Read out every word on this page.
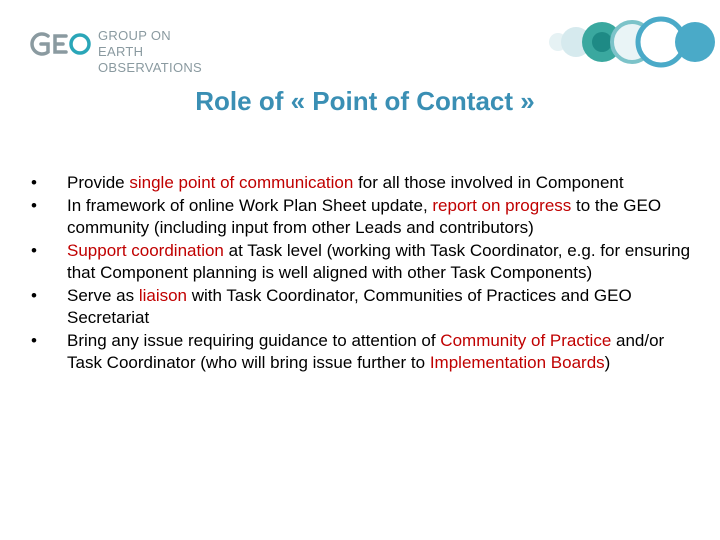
GROUP ON
EARTH OBSERVATIONS
Role of « Point of Contact »
• Provide single point of communication for all those involved in Component
• In framework of online Work Plan Sheet update, report on progress to the GEO community (including input from other Leads and contributors)
• Support coordination at Task level (working with Task Coordinator, e.g. for ensuring that Component planning is well aligned with other Task Components)
• Serve as liaison with Task Coordinator, Communities of Practices and GEO Secretariat
• Bring any issue requiring guidance to attention of Community of Practice and/or Task Coordinator (who will bring issue further to Implementation Boards)
